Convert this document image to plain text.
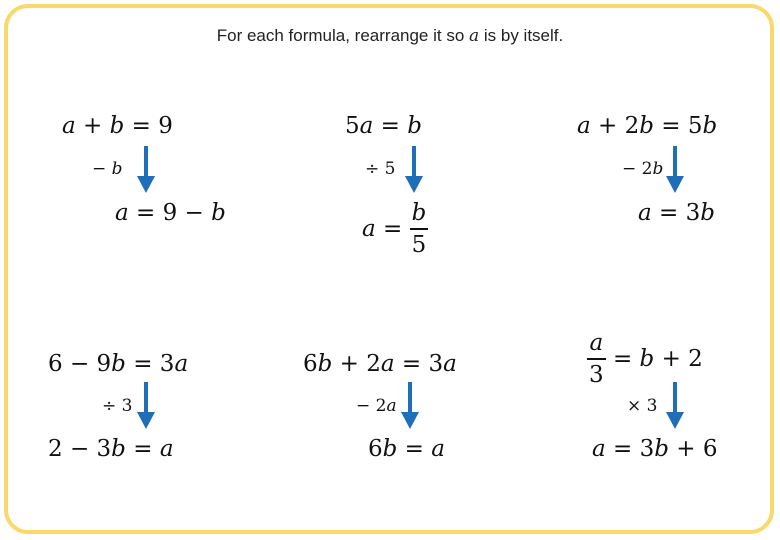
For each formula, rearrange it so a is by itself.
a + b = 9
− b
a = 9 − b
5a = b
÷ 5
$a = \frac{b}{5}$
a + 2b = 5b
− 2b
a = 3b
6 − 9b = 3a
÷ 3
2 − 3b = a
6b + 2a = 3a
− 2a
6b = a
$\frac{a}{3} = b + 2$
× 3
a = 3b + 6
